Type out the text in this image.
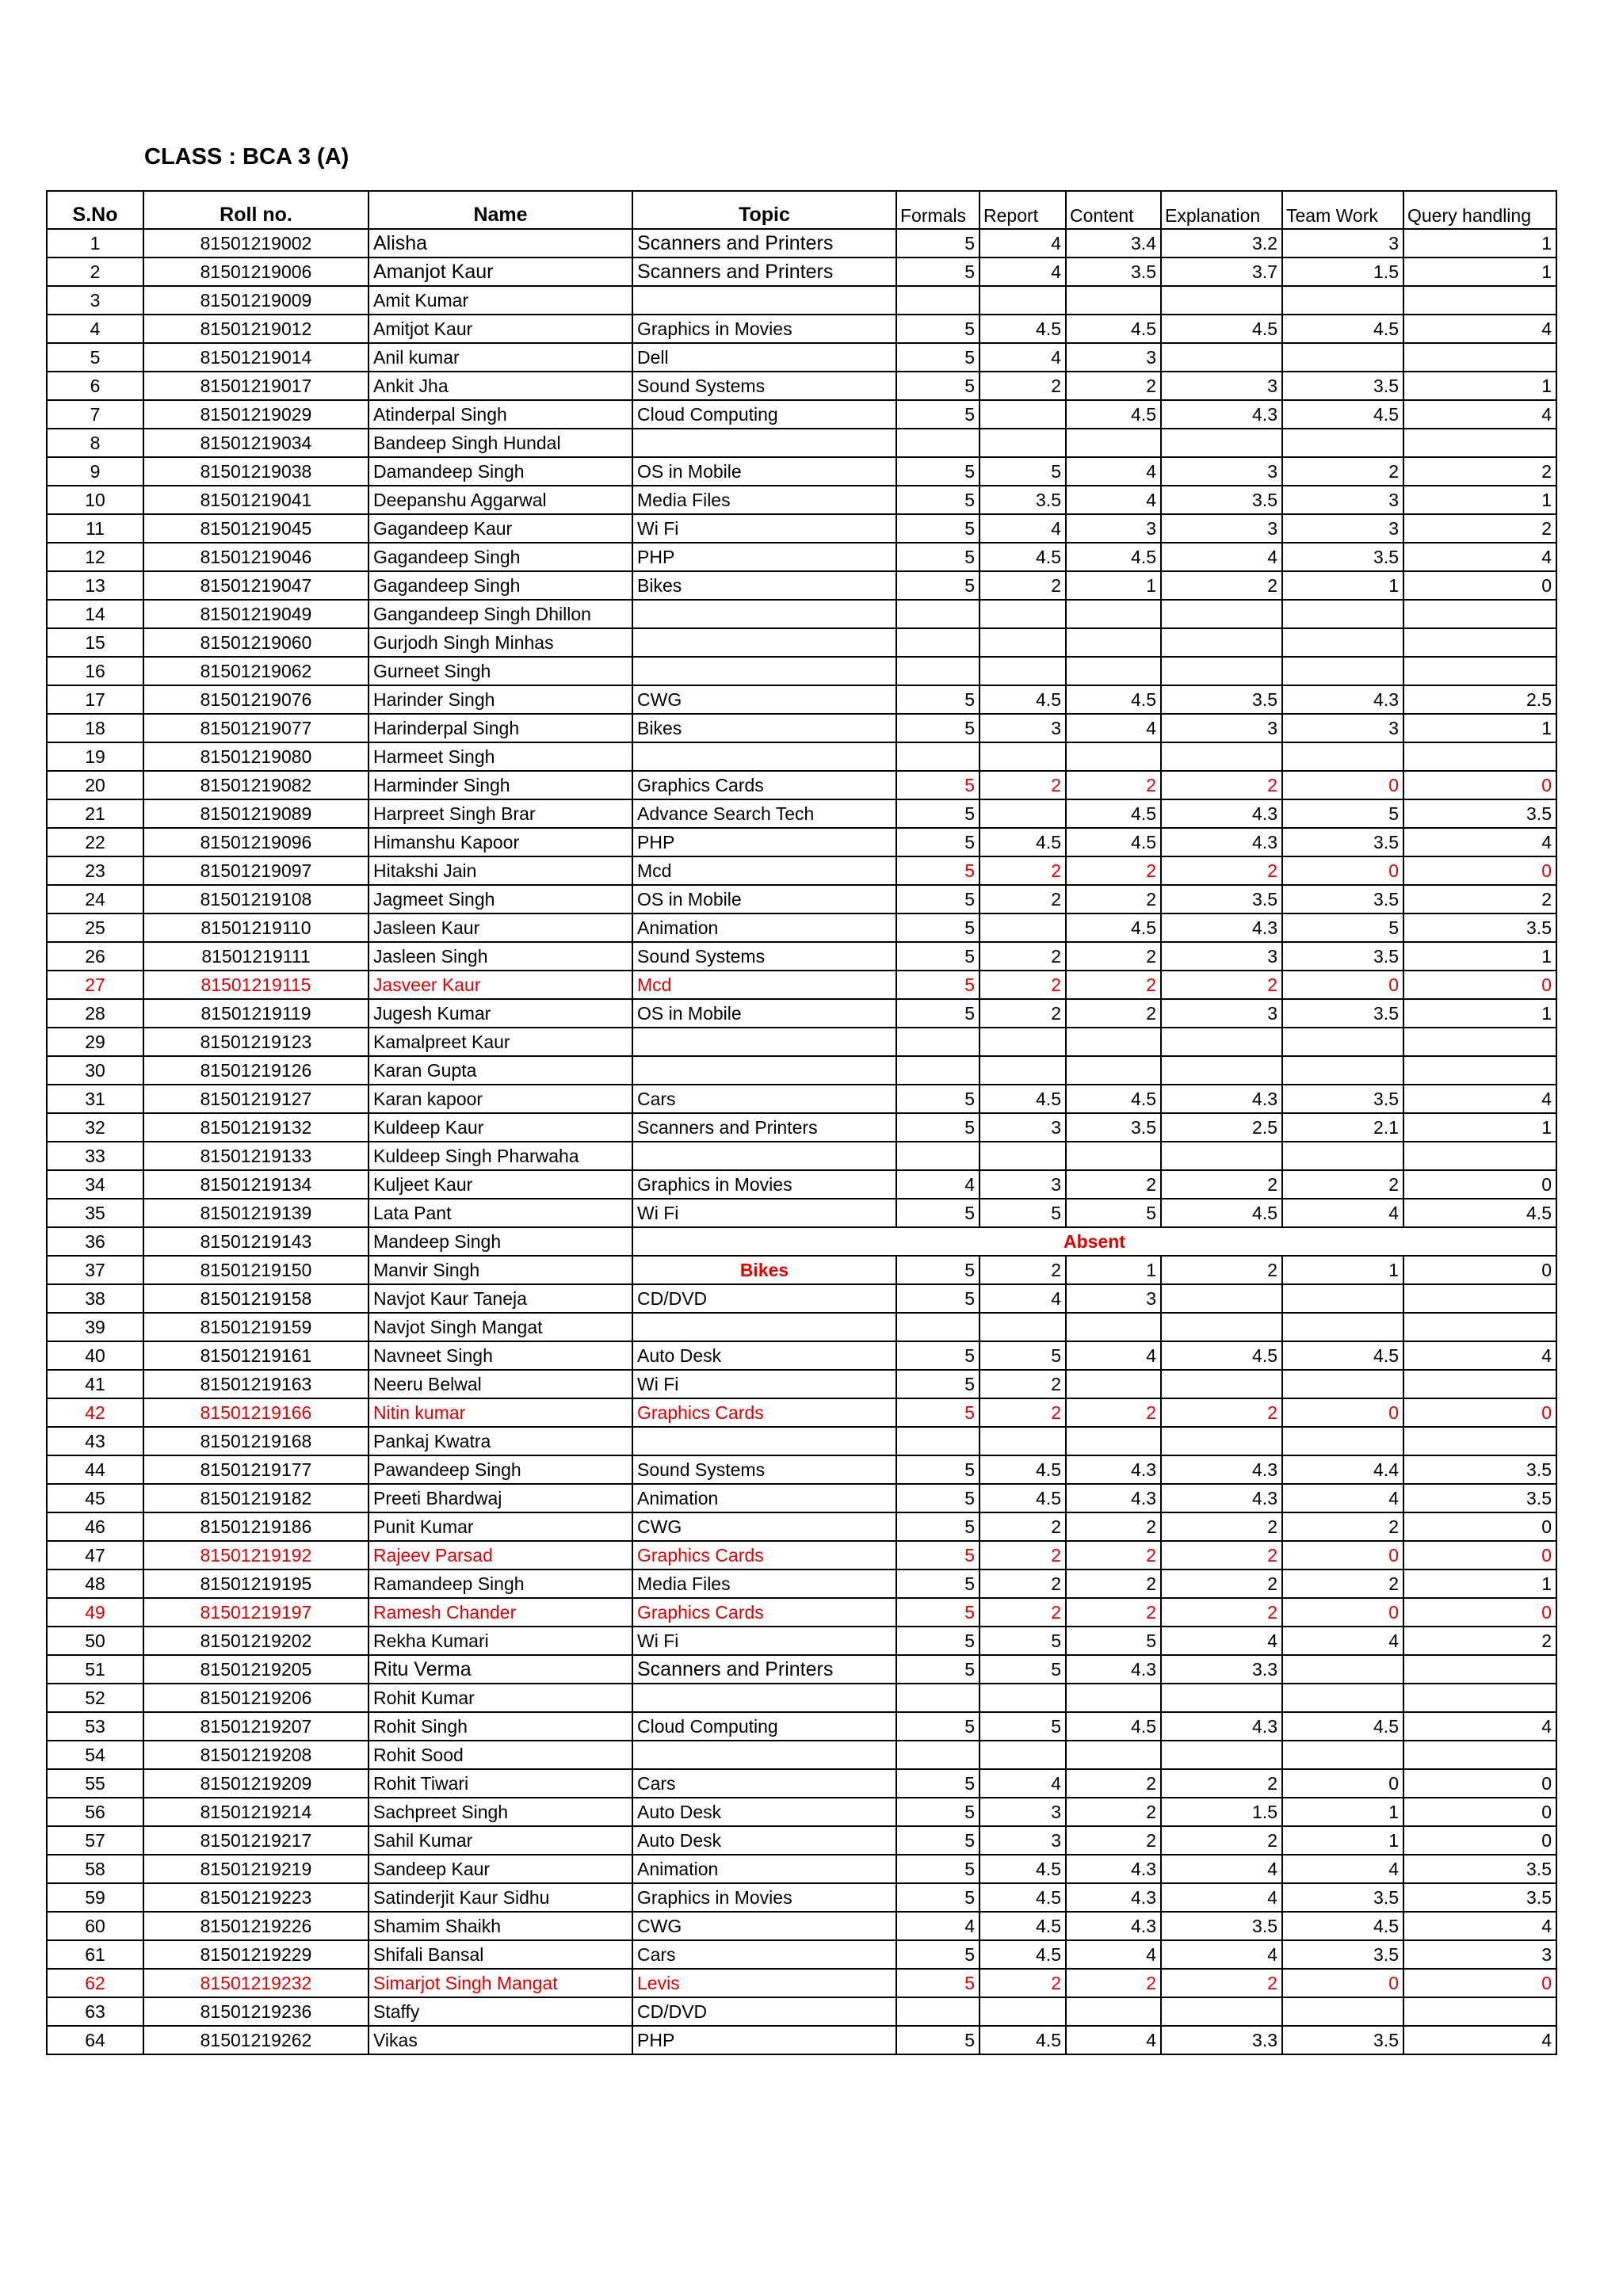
CLASS : BCA 3 (A)
S.No	Roll no.	Name	Topic	Formals	Report	Content	Explanation	Team Work	Query handling
1	81501219002	Alisha	Scanners and Printers	5	4	3.4	3.2	3	1
2	81501219006	Amanjot Kaur	Scanners and Printers	5	4	3.5	3.7	1.5	1
3	81501219009	Amit Kumar							
4	81501219012	Amitjot Kaur	Graphics in Movies	5	4.5	4.5	4.5	4.5	4
5	81501219014	Anil kumar	Dell	5	4	3			
6	81501219017	Ankit Jha	Sound Systems	5	2	2	3	3.5	1
7	81501219029	Atinderpal Singh	Cloud Computing	5		4.5	4.3	4.5	4
8	81501219034	Bandeep Singh Hundal							
9	81501219038	Damandeep Singh	OS in Mobile	5	5	4	3	2	2
10	81501219041	Deepanshu Aggarwal	Media Files	5	3.5	4	3.5	3	1
11	81501219045	Gagandeep Kaur	Wi Fi	5	4	3	3	3	2
12	81501219046	Gagandeep Singh	PHP	5	4.5	4.5	4	3.5	4
13	81501219047	Gagandeep Singh	Bikes	5	2	1	2	1	0
14	81501219049	Gangandeep Singh Dhillon							
15	81501219060	Gurjodh Singh Minhas							
16	81501219062	Gurneet Singh							
17	81501219076	Harinder Singh	CWG	5	4.5	4.5	3.5	4.3	2.5
18	81501219077	Harinderpal Singh	Bikes	5	3	4	3	3	1
19	81501219080	Harmeet Singh							
20	81501219082	Harminder Singh	Graphics Cards	5	2	2	2	0	0
21	81501219089	Harpreet Singh Brar	Advance Search Tech	5		4.5	4.3	5	3.5
22	81501219096	Himanshu Kapoor	PHP	5	4.5	4.5	4.3	3.5	4
23	81501219097	Hitakshi Jain	Mcd	5	2	2	2	0	0
24	81501219108	Jagmeet Singh	OS in Mobile	5	2	2	3.5	3.5	2
25	81501219110	Jasleen Kaur	Animation	5		4.5	4.3	5	3.5
26	81501219111	Jasleen Singh	Sound Systems	5	2	2	3	3.5	1
27	81501219115	Jasveer Kaur	Mcd	5	2	2	2	0	0
28	81501219119	Jugesh Kumar	OS in Mobile	5	2	2	3	3.5	1
29	81501219123	Kamalpreet Kaur							
30	81501219126	Karan Gupta							
31	81501219127	Karan kapoor	Cars	5	4.5	4.5	4.3	3.5	4
32	81501219132	Kuldeep Kaur	Scanners and Printers	5	3	3.5	2.5	2.1	1
33	81501219133	Kuldeep Singh Pharwaha							
34	81501219134	Kuljeet Kaur	Graphics in Movies	4	3	2	2	2	0
35	81501219139	Lata Pant	Wi Fi	5	5	5	4.5	4	4.5
36	81501219143	Mandeep Singh	Absent						
37	81501219150	Manvir Singh	Bikes	5	2	1	2	1	0
38	81501219158	Navjot Kaur Taneja	CD/DVD	5	4	3			
39	81501219159	Navjot Singh Mangat							
40	81501219161	Navneet Singh	Auto Desk	5	5	4	4.5	4.5	4
41	81501219163	Neeru Belwal	Wi Fi	5	2				
42	81501219166	Nitin kumar	Graphics Cards	5	2	2	2	0	0
43	81501219168	Pankaj Kwatra							
44	81501219177	Pawandeep Singh	Sound Systems	5	4.5	4.3	4.3	4.4	3.5
45	81501219182	Preeti Bhardwaj	Animation	5	4.5	4.3	4.3	4	3.5
46	81501219186	Punit Kumar	CWG	5	2	2	2	2	0
47	81501219192	Rajeev Parsad	Graphics Cards	5	2	2	2	0	0
48	81501219195	Ramandeep Singh	Media Files	5	2	2	2	2	1
49	81501219197	Ramesh Chander	Graphics Cards	5	2	2	2	0	0
50	81501219202	Rekha Kumari	Wi Fi	5	5	5	4	4	2
51	81501219205	Ritu Verma	Scanners and Printers	5	5	4.3	3.3		
52	81501219206	Rohit Kumar							
53	81501219207	Rohit Singh	Cloud Computing	5	5	4.5	4.3	4.5	4
54	81501219208	Rohit Sood							
55	81501219209	Rohit Tiwari	Cars	5	4	2	2	0	0
56	81501219214	Sachpreet Singh	Auto Desk	5	3	2	1.5	1	0
57	81501219217	Sahil Kumar	Auto Desk	5	3	2	2	1	0
58	81501219219	Sandeep Kaur	Animation	5	4.5	4.3	4	4	3.5
59	81501219223	Satinderjit Kaur Sidhu	Graphics in Movies	5	4.5	4.3	4	3.5	3.5
60	81501219226	Shamim Shaikh	CWG	4	4.5	4.3	3.5	4.5	4
61	81501219229	Shifali Bansal	Cars	5	4.5	4	4	3.5	3
62	81501219232	Simarjot Singh Mangat	Levis	5	2	2	2	0	0
63	81501219236	Staffy	CD/DVD						
64	81501219262	Vikas	PHP	5	4.5	4	3.3	3.5	4
